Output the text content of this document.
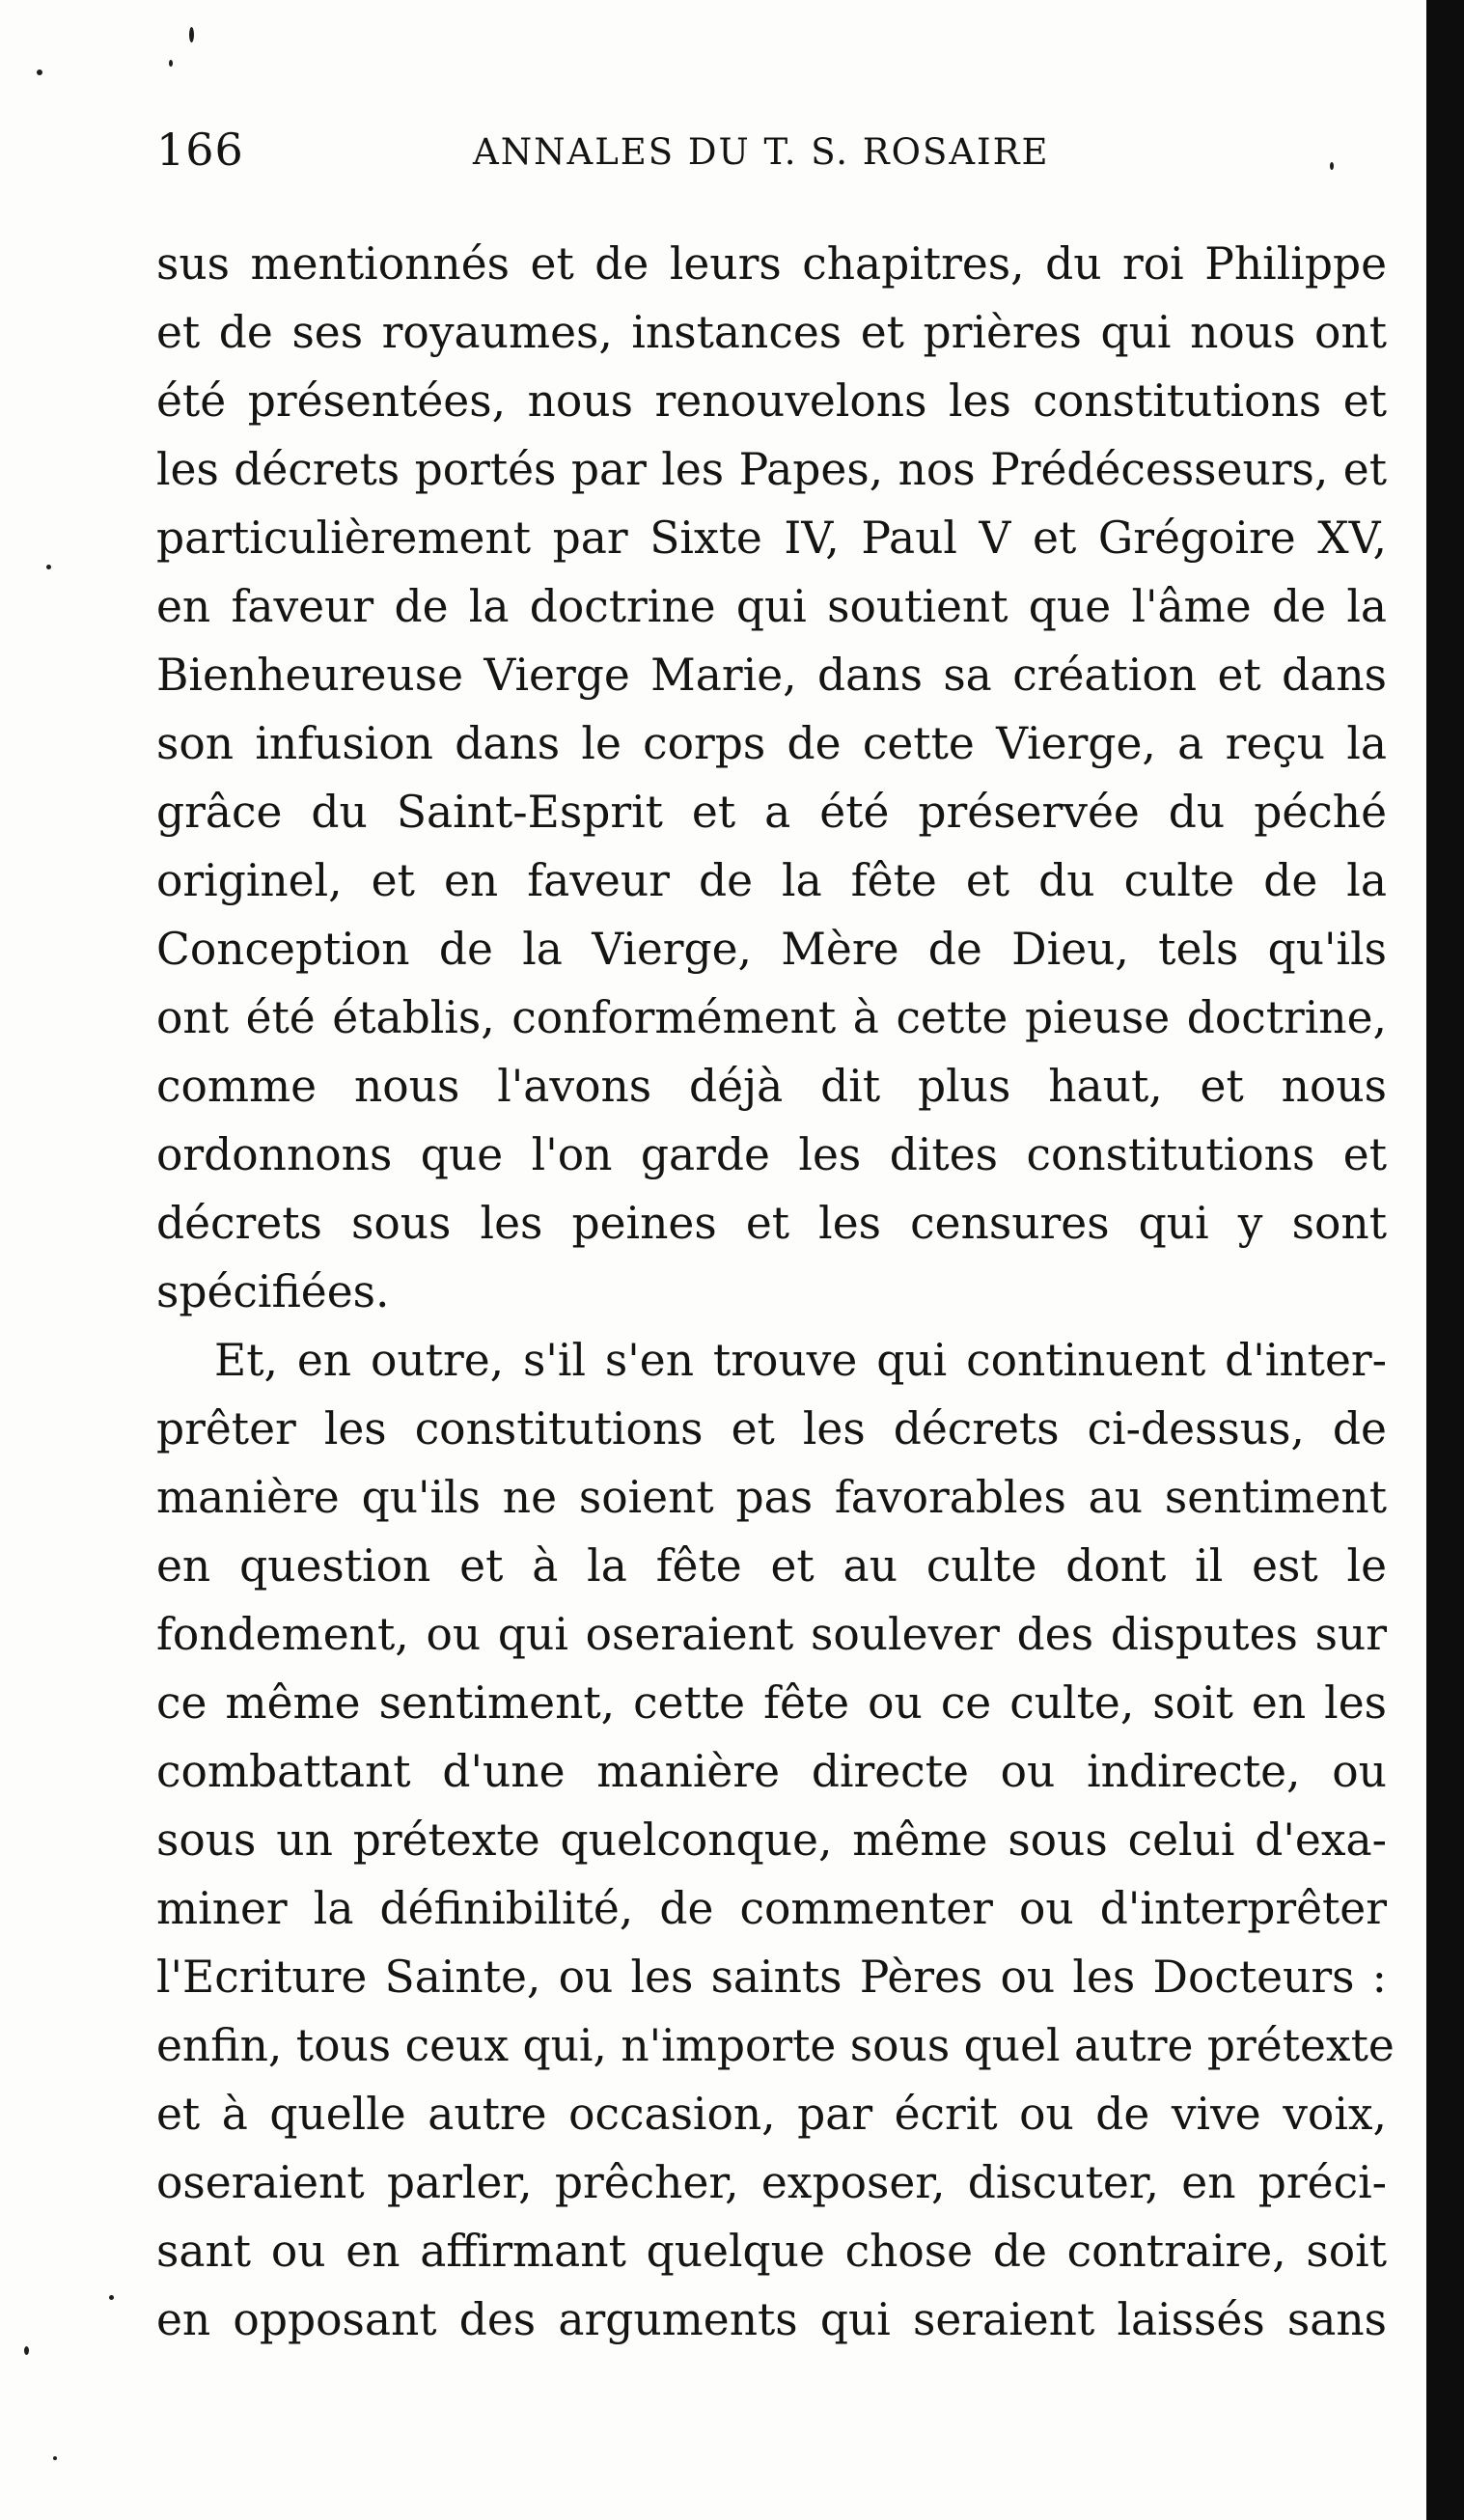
166	ANNALES DU T. S. ROSAIRE
sus mentionnés et de leurs chapitres, du roi Philippe
et de ses royaumes, instances et prières qui nous ont
été présentées, nous renouvelons les constitutions et
les décrets portés par les Papes, nos Prédécesseurs, et
particulièrement par Sixte IV, Paul V et Grégoire XV,
en faveur de la doctrine qui soutient que l'âme de la
Bienheureuse Vierge Marie, dans sa création et dans
son infusion dans le corps de cette Vierge, a reçu la
grâce du Saint-Esprit et a été préservée du péché
originel, et en faveur de la fête et du culte de la
Conception de la Vierge, Mère de Dieu, tels qu'ils
ont été établis, conformément à cette pieuse doctrine,
comme nous l'avons déjà dit plus haut, et nous
ordonnons que l'on garde les dites constitutions et
décrets sous les peines et les censures qui y sont
spécifiées.
Et, en outre, s'il s'en trouve qui continuent d'inter-
prêter les constitutions et les décrets ci-dessus, de
manière qu'ils ne soient pas favorables au sentiment
en question et à la fête et au culte dont il est le
fondement, ou qui oseraient soulever des disputes sur
ce même sentiment, cette fête ou ce culte, soit en les
combattant d'une manière directe ou indirecte, ou
sous un prétexte quelconque, même sous celui d'exa-
miner la définibilité, de commenter ou d'interprêter
l'Ecriture Sainte, ou les saints Pères ou les Docteurs :
enfin, tous ceux qui, n'importe sous quel autre prétexte
et à quelle autre occasion, par écrit ou de vive voix,
oseraient parler, prêcher, exposer, discuter, en préci-
sant ou en affirmant quelque chose de contraire, soit
en opposant des arguments qui seraient laissés sans
